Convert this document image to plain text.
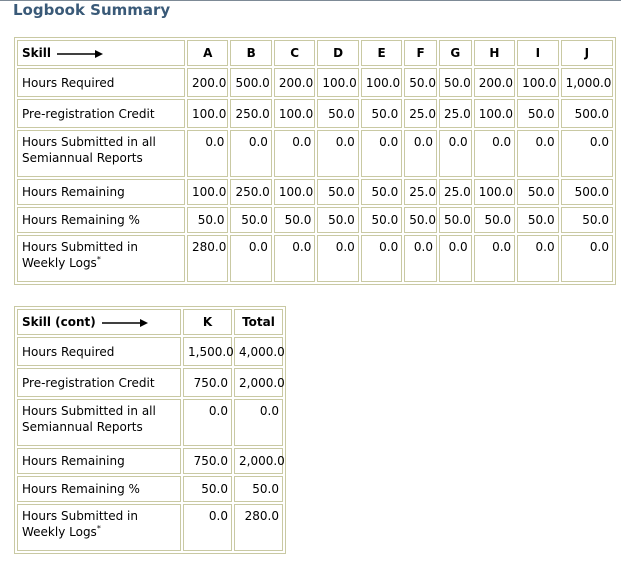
Logbook Summary
Skill	A	B	C	D	E	F	G	H	I	J
Hours Required	200.0	500.0	200.0	100.0	100.0	50.0	50.0	200.0	100.0	1,000.0
Pre-registration Credit	100.0	250.0	100.0	50.0	50.0	25.0	25.0	100.0	50.0	500.0
Hours Submitted in all
Semiannual Reports	0.0	0.0	0.0	0.0	0.0	0.0	0.0	0.0	0.0	0.0
Hours Remaining	100.0	250.0	100.0	50.0	50.0	25.0	25.0	100.0	50.0	500.0
Hours Remaining %	50.0	50.0	50.0	50.0	50.0	50.0	50.0	50.0	50.0	50.0
Hours Submitted in
Weekly Logs*	280.0	0.0	0.0	0.0	0.0	0.0	0.0	0.0	0.0	0.0
Skill (cont)	K	Total
Hours Required	1,500.0	4,000.0
Pre-registration Credit	750.0	2,000.0
Hours Submitted in all
Semiannual Reports	0.0	0.0
Hours Remaining	750.0	2,000.0
Hours Remaining %	50.0	50.0
Hours Submitted in
Weekly Logs*	0.0	280.0
